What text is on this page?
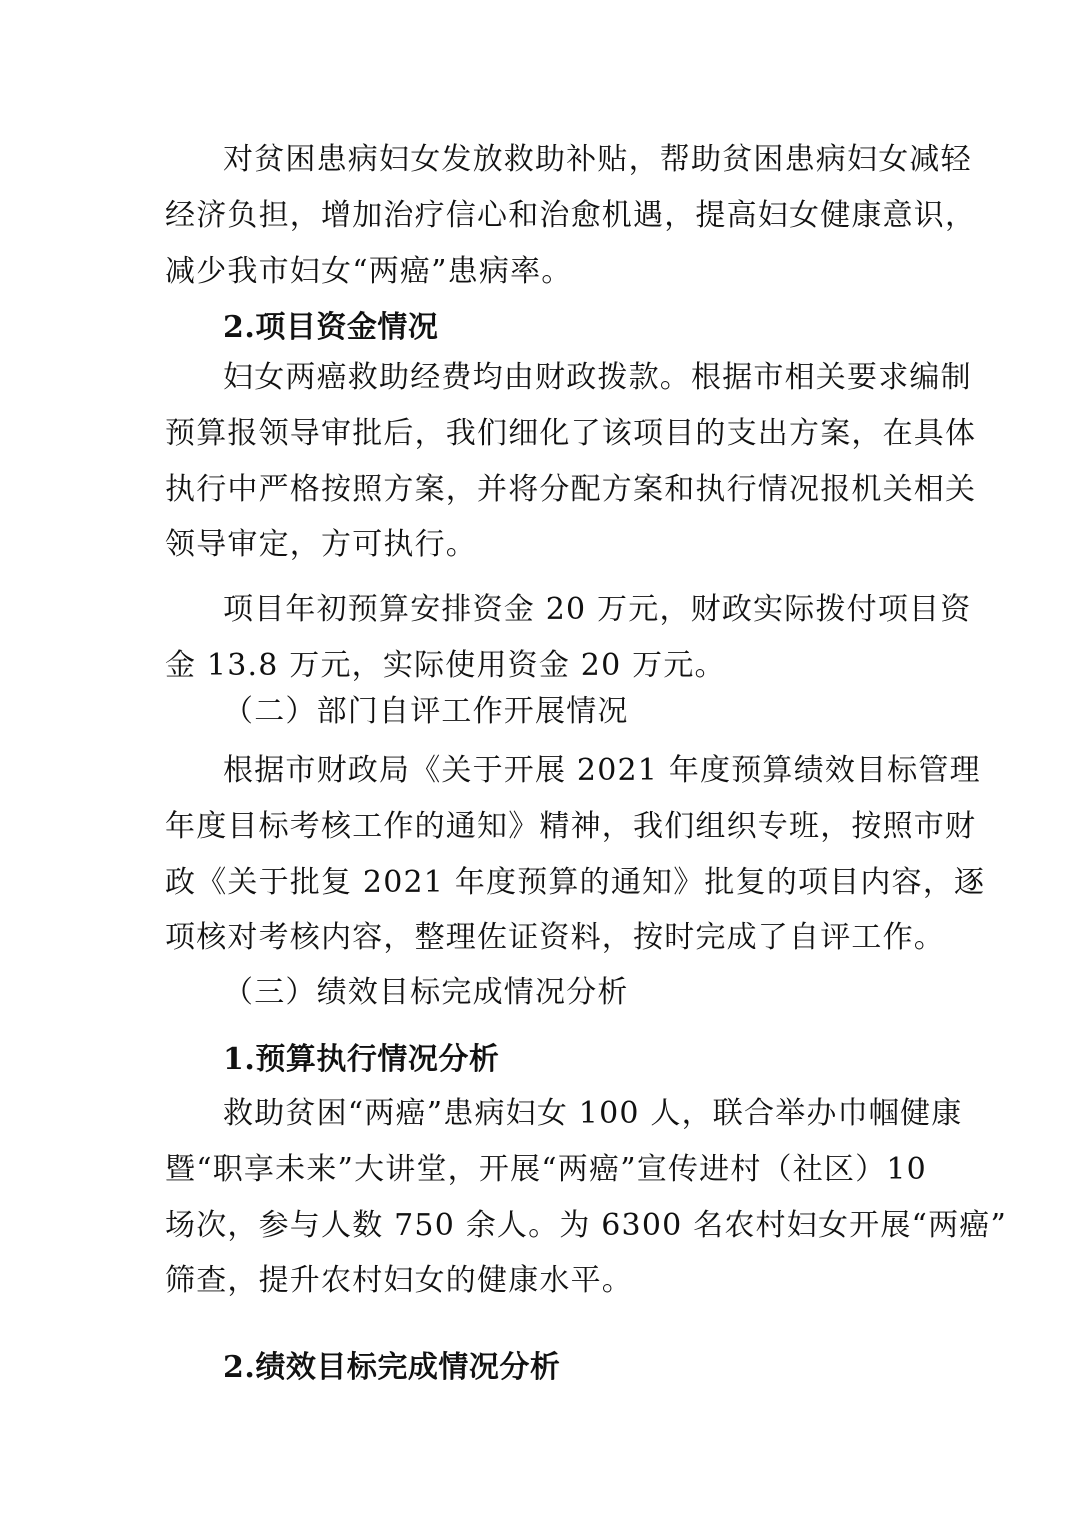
对贫困患病妇女发放救助补贴，帮助贫困患病妇女减轻
经济负担，增加治疗信心和治愈机遇，提高妇女健康意识，
减少我市妇女“两癌”患病率。
2.项目资金情况
妇女两癌救助经费均由财政拨款。根据市相关要求编制
预算报领导审批后，我们细化了该项目的支出方案，在具体
执行中严格按照方案，并将分配方案和执行情况报机关相关
领导审定，方可执行。
项目年初预算安排资金 20 万元，财政实际拨付项目资
金 13.8 万元，实际使用资金 20 万元。
（二）部门自评工作开展情况
根据市财政局《关于开展 2021 年度预算绩效目标管理
年度目标考核工作的通知》精神，我们组织专班，按照市财
政《关于批复 2021 年度预算的通知》批复的项目内容，逐
项核对考核内容，整理佐证资料，按时完成了自评工作。
（三）绩效目标完成情况分析
1.预算执行情况分析
救助贫困“两癌”患病妇女 100 人，联合举办巾帼健康
暨“职享未来”大讲堂，开展“两癌”宣传进村（社区）10
场次，参与人数 750 余人。为 6300 名农村妇女开展“两癌”
筛查，提升农村妇女的健康水平。
2.绩效目标完成情况分析
